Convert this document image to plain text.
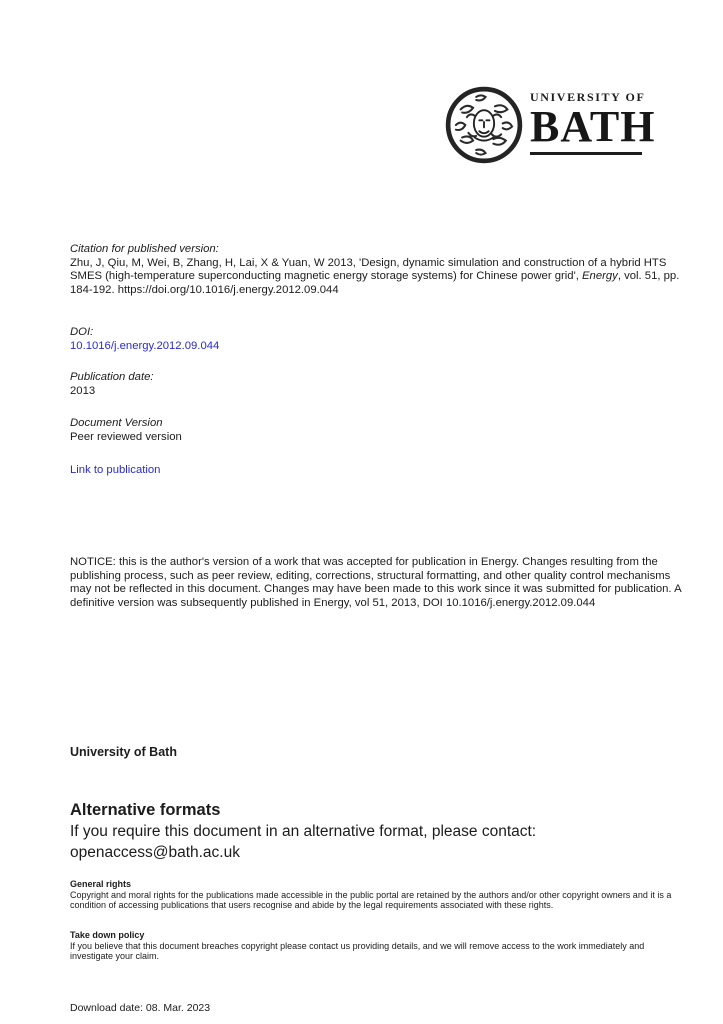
UNIVERSITY OF
BATH
Citation for published version:
Zhu, J, Qiu, M, Wei, B, Zhang, H, Lai, X & Yuan, W 2013, 'Design, dynamic simulation and construction of a hybrid HTS SMES (high-temperature superconducting magnetic energy storage systems) for Chinese power grid', Energy, vol. 51, pp. 184-192. https://doi.org/10.1016/j.energy.2012.09.044
DOI:
10.1016/j.energy.2012.09.044
Publication date:
2013
Document Version
Peer reviewed version
Link to publication
NOTICE: this is the author's version of a work that was accepted for publication in Energy. Changes resulting from the publishing process, such as peer review, editing, corrections, structural formatting, and other quality control mechanisms may not be reflected in this document. Changes may have been made to this work since it was submitted for publication. A definitive version was subsequently published in Energy, vol 51, 2013, DOI 10.1016/j.energy.2012.09.044
University of Bath
Alternative formats
If you require this document in an alternative format, please contact:
openaccess@bath.ac.uk
General rights
Copyright and moral rights for the publications made accessible in the public portal are retained by the authors and/or other copyright owners and it is a condition of accessing publications that users recognise and abide by the legal requirements associated with these rights.
Take down policy
If you believe that this document breaches copyright please contact us providing details, and we will remove access to the work immediately and investigate your claim.
Download date: 08. Mar. 2023
